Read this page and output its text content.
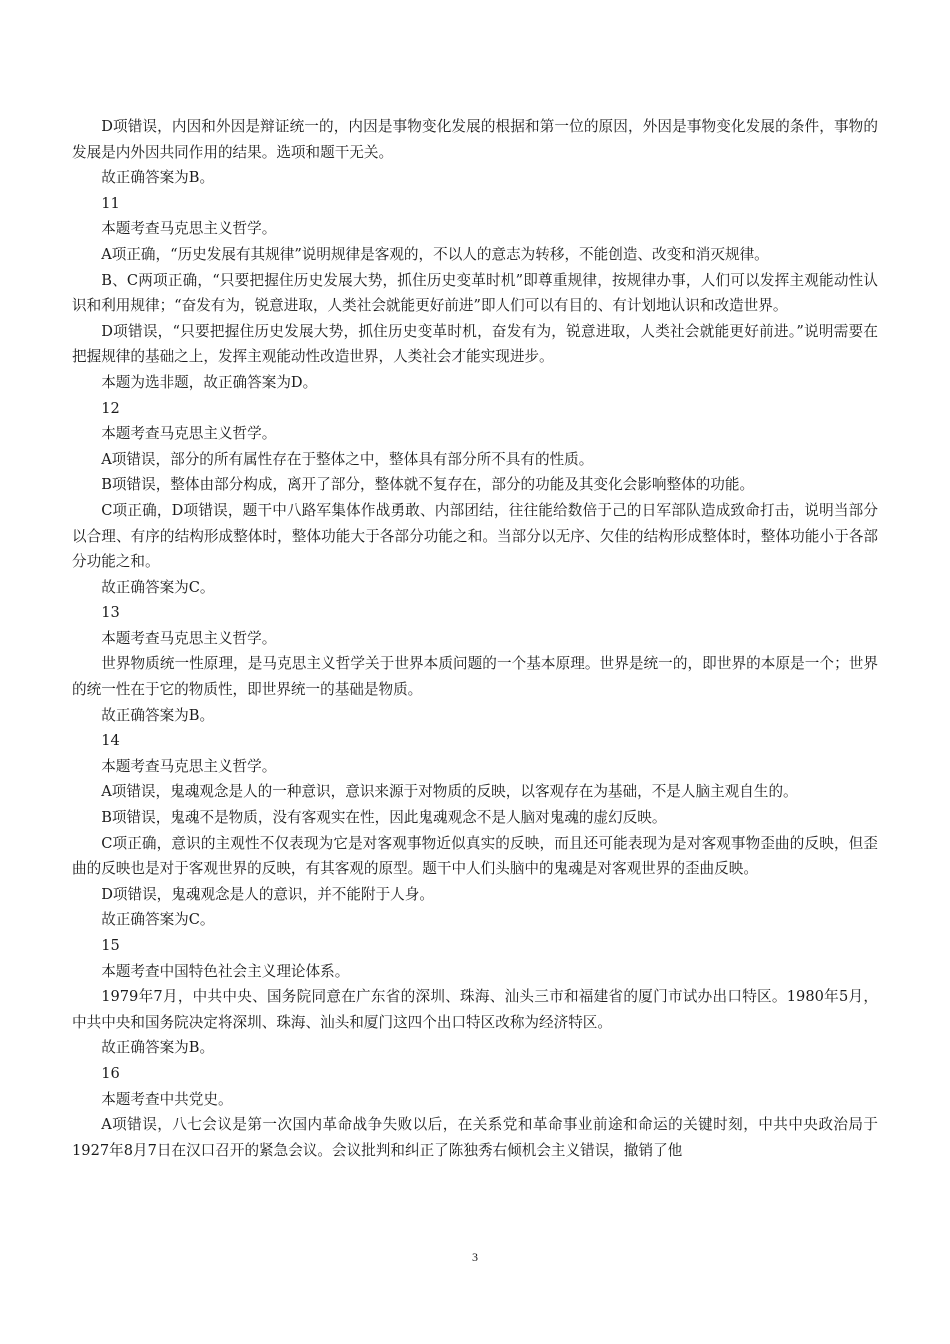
D项错误，内因和外因是辩证统一的，内因是事物变化发展的根据和第一位的原因，外因是事物变化发展的条件，事物的发展是内外因共同作用的结果。选项和题干无关。

故正确答案为B。

11

本题考查马克思主义哲学。

A项正确，“历史发展有其规律”说明规律是客观的，不以人的意志为转移，不能创造、改变和消灭规律。

B、C两项正确，“只要把握住历史发展大势，抓住历史变革时机”即尊重规律，按规律办事，人们可以发挥主观能动性认识和利用规律；“奋发有为，锐意进取，人类社会就能更好前进”即人们可以有目的、有计划地认识和改造世界。

D项错误，“只要把握住历史发展大势，抓住历史变革时机，奋发有为，锐意进取，人类社会就能更好前进。”说明需要在把握规律的基础之上，发挥主观能动性改造世界，人类社会才能实现进步。

本题为选非题，故正确答案为D。

12

本题考查马克思主义哲学。

A项错误，部分的所有属性存在于整体之中，整体具有部分所不具有的性质。

B项错误，整体由部分构成，离开了部分，整体就不复存在，部分的功能及其变化会影响整体的功能。

C项正确，D项错误，题干中八路军集体作战勇敢、内部团结，往往能给数倍于己的日军部队造成致命打击，说明当部分以合理、有序的结构形成整体时，整体功能大于各部分功能之和。当部分以无序、欠佳的结构形成整体时，整体功能小于各部分功能之和。

故正确答案为C。

13

本题考查马克思主义哲学。

世界物质统一性原理，是马克思主义哲学关于世界本质问题的一个基本原理。世界是统一的，即世界的本原是一个；世界的统一性在于它的物质性，即世界统一的基础是物质。

故正确答案为B。

14

本题考查马克思主义哲学。

A项错误，鬼魂观念是人的一种意识，意识来源于对物质的反映，以客观存在为基础，不是人脑主观自生的。

B项错误，鬼魂不是物质，没有客观实在性，因此鬼魂观念不是人脑对鬼魂的虚幻反映。

C项正确，意识的主观性不仅表现为它是对客观事物近似真实的反映，而且还可能表现为是对客观事物歪曲的反映，但歪曲的反映也是对于客观世界的反映，有其客观的原型。题干中人们头脑中的鬼魂是对客观世界的歪曲反映。

D项错误，鬼魂观念是人的意识，并不能附于人身。

故正确答案为C。

15

本题考查中国特色社会主义理论体系。

1979年7月，中共中央、国务院同意在广东省的深圳、珠海、汕头三市和福建省的厦门市试办出口特区。1980年5月，中共中央和国务院决定将深圳、珠海、汕头和厦门这四个出口特区改称为经济特区。

故正确答案为B。

16

本题考查中共党史。

A项错误，八七会议是第一次国内革命战争失败以后，在关系党和革命事业前途和命运的关键时刻，中共中央政治局于1927年8月7日在汉口召开的紧急会议。会议批判和纠正了陈独秀右倾机会主义错误，撤销了他

3
